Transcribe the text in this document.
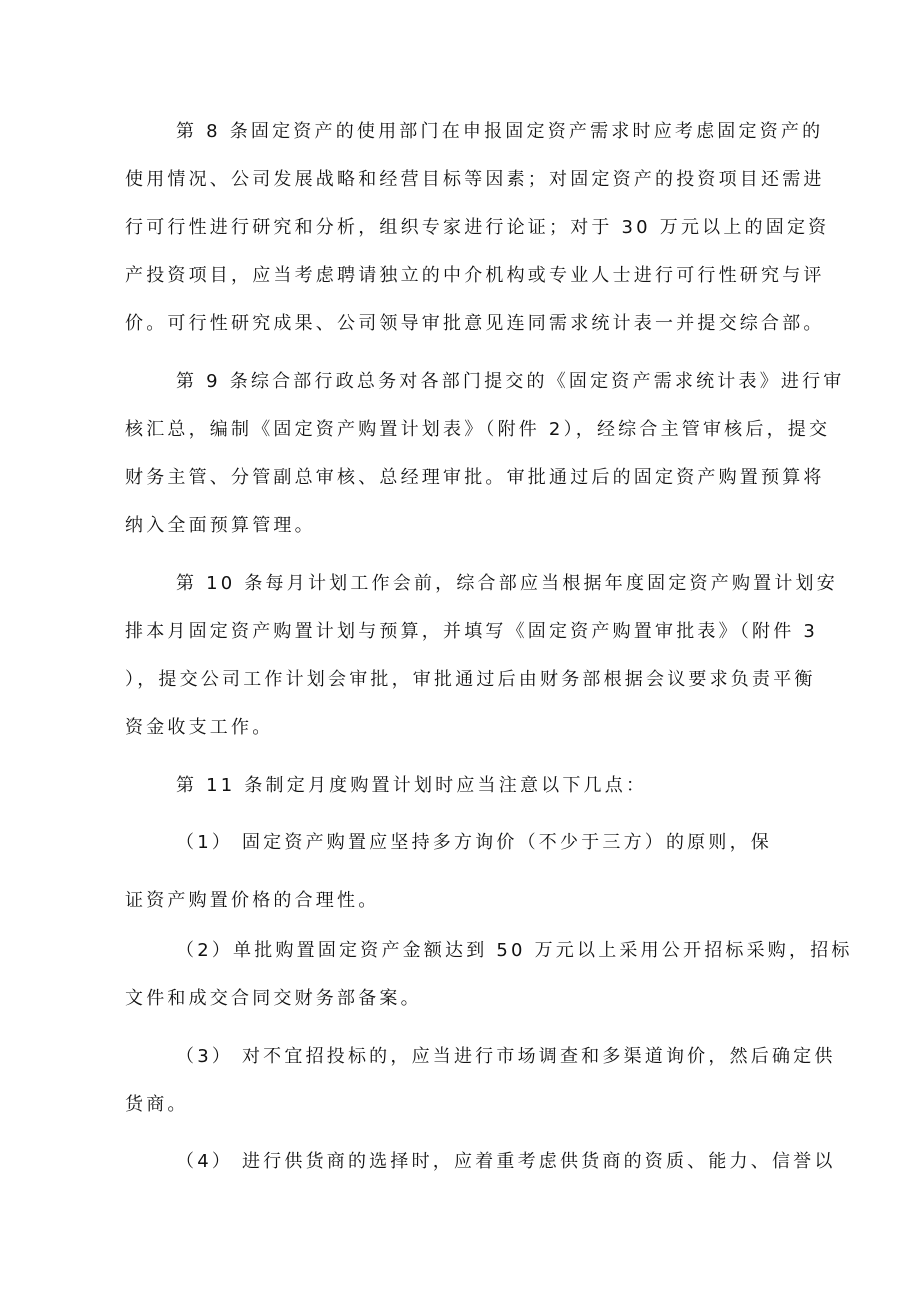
第 8 条固定资产的使用部门在申报固定资产需求时应考虑固定资产的

使用情况、公司发展战略和经营目标等因素；对固定资产的投资项目还需进

行可行性进行研究和分析，组织专家进行论证；对于 30 万元以上的固定资

产投资项目，应当考虑聘请独立的中介机构或专业人士进行可行性研究与评

价。可行性研究成果、公司领导审批意见连同需求统计表一并提交综合部。

第 9 条综合部行政总务对各部门提交的《固定资产需求统计表》进行审

核汇总，编制《固定资产购置计划表》（附件 2），经综合主管审核后，提交

财务主管、分管副总审核、总经理审批。审批通过后的固定资产购置预算将

纳入全面预算管理。

第 10 条每月计划工作会前，综合部应当根据年度固定资产购置计划安

排本月固定资产购置计划与预算，并填写《固定资产购置审批表》（附件 3

），提交公司工作计划会审批，审批通过后由财务部根据会议要求负责平衡

资金收支工作。

第 11 条制定月度购置计划时应当注意以下几点：

（1） 固定资产购置应坚持多方询价（不少于三方）的原则，保

证资产购置价格的合理性。

（2）单批购置固定资产金额达到 50 万元以上采用公开招标采购，招标

文件和成交合同交财务部备案。

（3） 对不宜招投标的，应当进行市场调查和多渠道询价，然后确定供

货商。

（4） 进行供货商的选择时，应着重考虑供货商的资质、能力、信誉以
